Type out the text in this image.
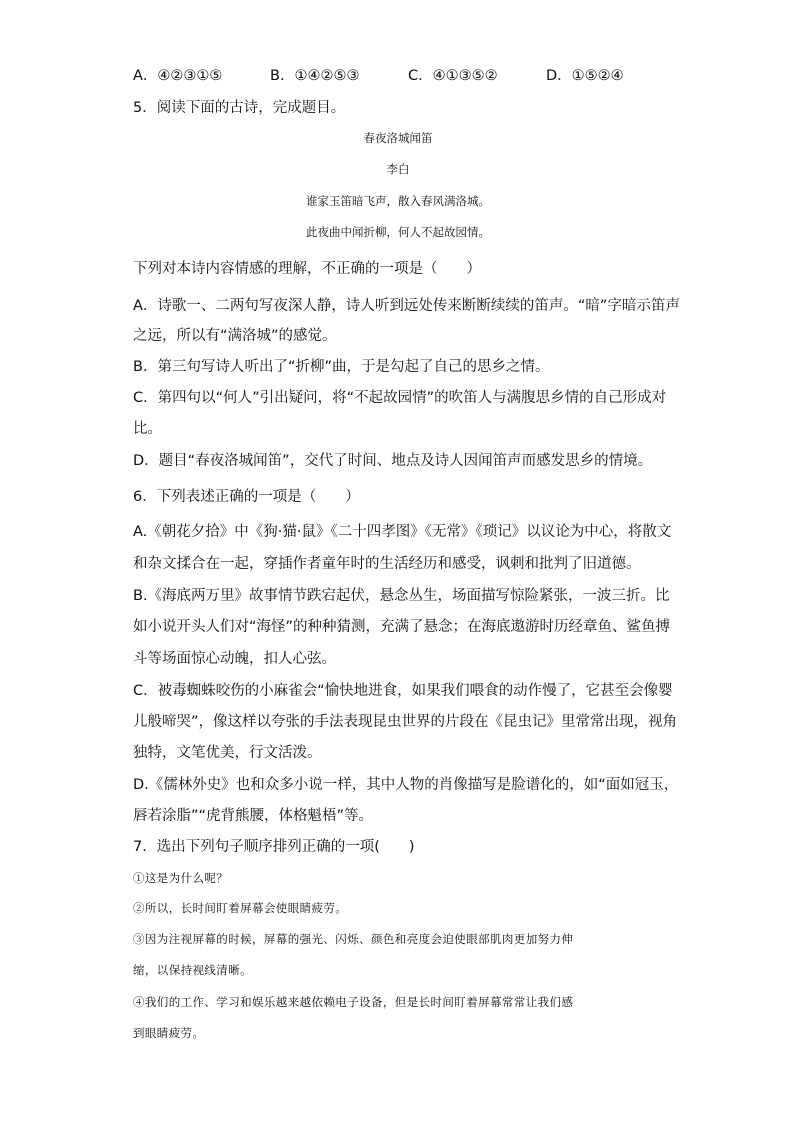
A．④②③①⑤	B．①④②⑤③	C．④①③⑤②	D．①⑤②④
5．阅读下面的古诗，完成题目。
春夜洛城闻笛
李白
谁家玉笛暗飞声，散入春风满洛城。
此夜曲中闻折柳，何人不起故园情。
下列对本诗内容情感的理解，不正确的一项是（　　）
A．诗歌一、二两句写夜深人静，诗人听到远处传来断断续续的笛声。“暗”字暗示笛声
之远，所以有“满洛城”的感觉。
B．第三句写诗人听出了“折柳”曲，于是勾起了自己的思乡之情。
C．第四句以“何人”引出疑问，将“不起故园情”的吹笛人与满腹思乡情的自己形成对
比。
D．题目“春夜洛城闻笛”，交代了时间、地点及诗人因闻笛声而感发思乡的情境。
6．下列表述正确的一项是（　　）
A.《朝花夕拾》中《狗·猫·鼠》《二十四孝图》《无常》《琐记》以议论为中心，将散文
和杂文揉合在一起，穿插作者童年时的生活经历和感受，讽刺和批判了旧道德。
B.《海底两万里》故事情节跌宕起伏，悬念丛生，场面描写惊险紧张，一波三折。比
如小说开头人们对“海怪”的种种猜测，充满了悬念；在海底遨游时历经章鱼、鲨鱼搏
斗等场面惊心动魄，扣人心弦。
C．被毒蜘蛛咬伤的小麻雀会“愉快地进食，如果我们喂食的动作慢了，它甚至会像婴
儿般啼哭”，像这样以夸张的手法表现昆虫世界的片段在《昆虫记》里常常出现，视角
独特，文笔优美，行文活泼。
D.《儒林外史》也和众多小说一样，其中人物的肖像描写是脸谱化的，如“面如冠玉，
唇若涂脂”“虎背熊腰，体格魁梧”等。
7．选出下列句子顺序排列正确的一项(　　)
①这是为什么呢？
②所以，长时间盯着屏幕会使眼睛疲劳。
③因为注视屏幕的时候，屏幕的强光、闪烁、颜色和亮度会迫使眼部肌肉更加努力伸
缩，以保持视线清晰。
④我们的工作、学习和娱乐越来越依赖电子设备，但是长时间盯着屏幕常常让我们感
到眼睛疲劳。
